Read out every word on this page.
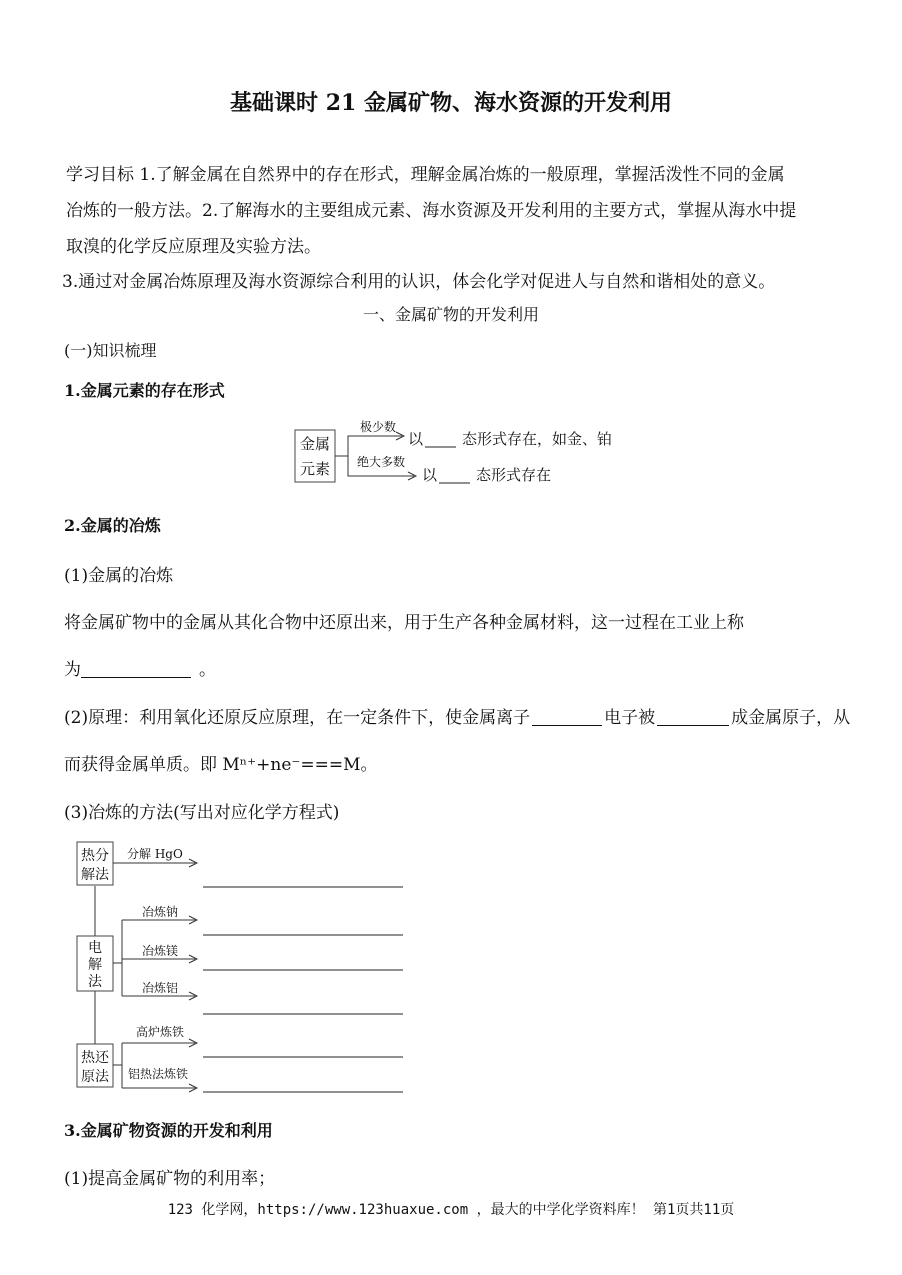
基础课时 21 金属矿物、海水资源的开发利用
学习目标 1.了解金属在自然界中的存在形式，理解金属冶炼的一般原理，掌握活泼性不同的金属
冶炼的一般方法。2.了解海水的主要组成元素、海水资源及开发利用的主要方式，掌握从海水中提
取溴的化学反应原理及实验方法。
3.通过对金属冶炼原理及海水资源综合利用的认识，体会化学对促进人与自然和谐相处的意义。
一、金属矿物的开发利用
(一)知识梳理
1.金属元素的存在形式
金属
元素
极少数
绝大多数
以	态形式存在，如金、铂
以	态形式存在
2.金属的冶炼
(1)金属的冶炼
将金属矿物中的金属从其化合物中还原出来，用于生产各种金属材料，这一过程在工业上称
为	。
(2)原理：利用氧化还原反应原理，在一定条件下，使金属离子	电子被	成金属原子，从
而获得金属单质。即 Mⁿ⁺+ne⁻===M。
(3)冶炼的方法(写出对应化学方程式)
热分
解法
分解 HgO
电
解
法
冶炼钠
冶炼镁
冶炼铝
热还
原法
高炉炼铁
铝热法炼铁
3.金属矿物资源的开发和利用
(1)提高金属矿物的利用率；
123 化学网，https://www.123huaxue.com ，最大的中学化学资料库！ 第1页共11页
